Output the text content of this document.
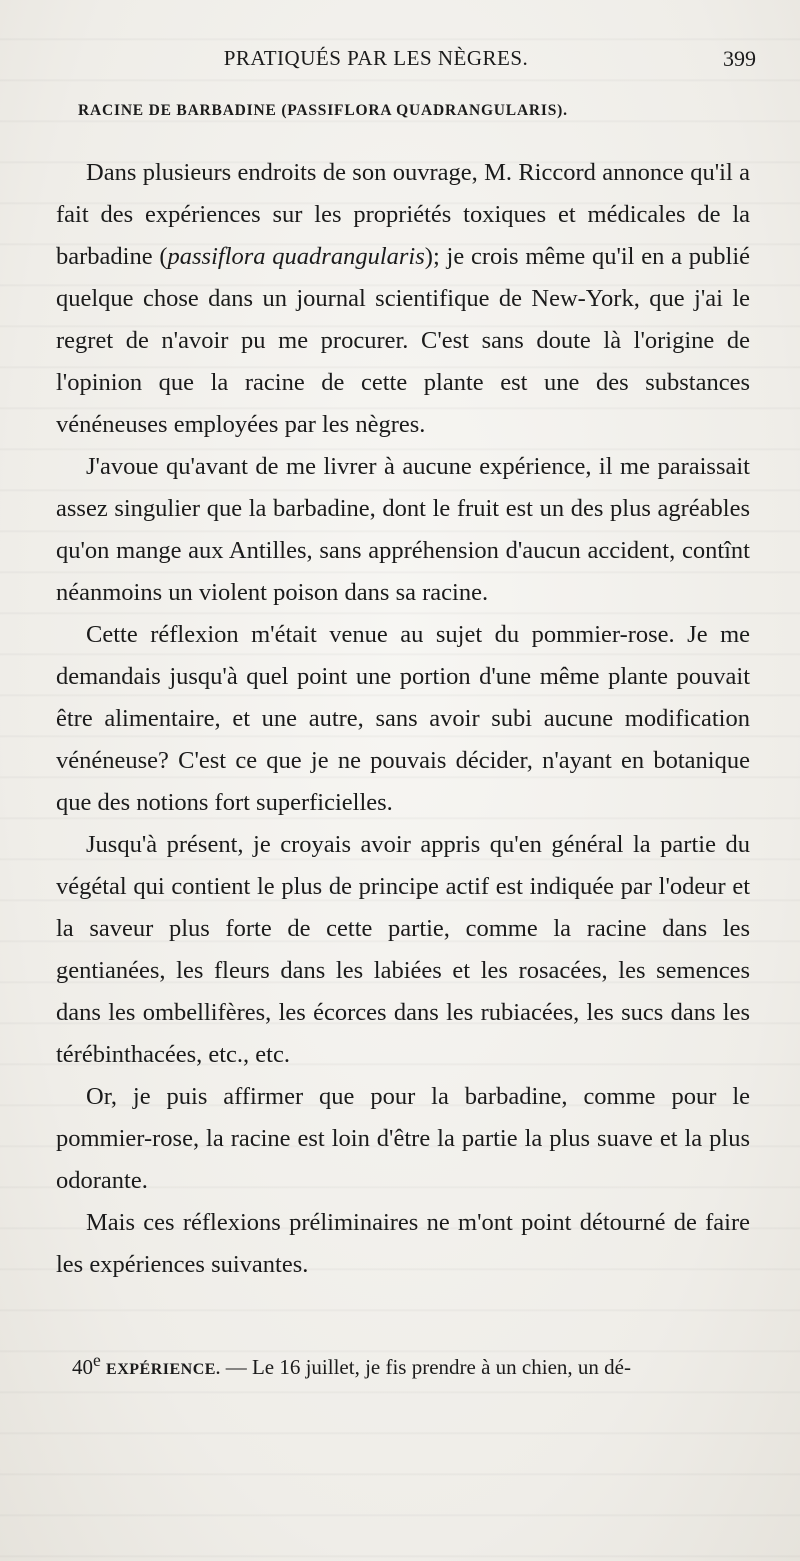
PRATIQUÉS PAR LES NÈGRES.	399
RACINE DE BARBADINE (PASSIFLORA QUADRANGULARIS).

Dans plusieurs endroits de son ouvrage, M. Riccord annonce qu'il a fait des expériences sur les propriétés toxiques et médicales de la barbadine (passiflora quadrangularis); je crois même qu'il en a publié quelque chose dans un journal scientifique de New-York, que j'ai le regret de n'avoir pu me procurer. C'est sans doute là l'origine de l'opinion que la racine de cette plante est une des substances vénéneuses employées par les nègres.

J'avoue qu'avant de me livrer à aucune expérience, il me paraissait assez singulier que la barbadine, dont le fruit est un des plus agréables qu'on mange aux Antilles, sans appréhension d'aucun accident, contînt néanmoins un violent poison dans sa racine.

Cette réflexion m'était venue au sujet du pommier-rose. Je me demandais jusqu'à quel point une portion d'une même plante pouvait être alimentaire, et une autre, sans avoir subi aucune modification vénéneuse? C'est ce que je ne pouvais décider, n'ayant en botanique que des notions fort superficielles.

Jusqu'à présent, je croyais avoir appris qu'en général la partie du végétal qui contient le plus de principe actif est indiquée par l'odeur et la saveur plus forte de cette partie, comme la racine dans les gentianées, les fleurs dans les labiées et les rosacées, les semences dans les ombellifères, les écorces dans les rubiacées, les sucs dans les térébinthacées, etc., etc.

Or, je puis affirmer que pour la barbadine, comme pour le pommier-rose, la racine est loin d'être la partie la plus suave et la plus odorante.

Mais ces réflexions préliminaires ne m'ont point détourné de faire les expériences suivantes.

40e EXPÉRIENCE. — Le 16 juillet, je fis prendre à un chien, un dé-
